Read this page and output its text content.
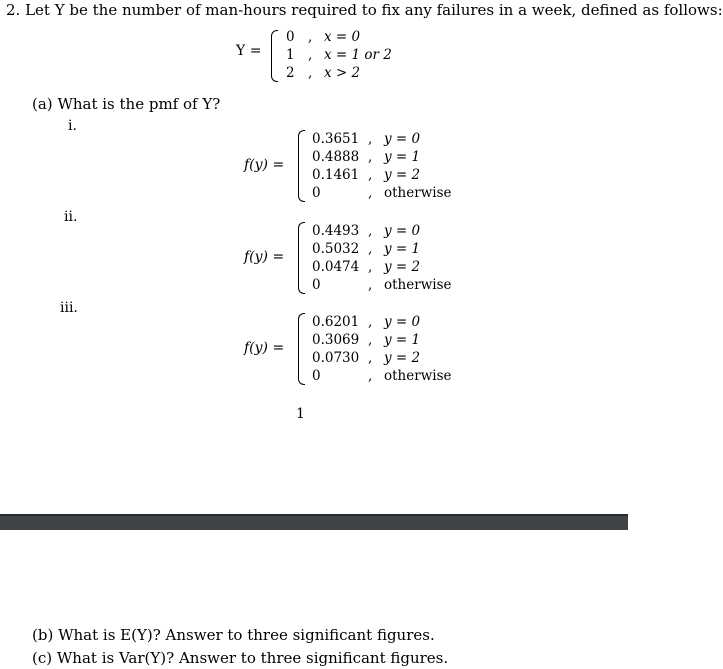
2. Let Y be the number of man-hours required to fix any failures in a week, defined as follows:
Y =
0 , x = 0
1 , x = 1 or 2
2 , x > 2
(a) What is the pmf of Y?
i.
f(y) =
0.3651 , y = 0
0.4888 , y = 1
0.1461 , y = 2
0	, otherwise
ii.
f(y) =
0.4493 , y = 0
0.5032 , y = 1
0.0474 , y = 2
0	, otherwise
iii.
f(y) =
0.6201 , y = 0
0.3069 , y = 1
0.0730 , y = 2
0	, otherwise
1
(b) What is E(Y)? Answer to three significant figures.
(c) What is Var(Y)? Answer to three significant figures.
